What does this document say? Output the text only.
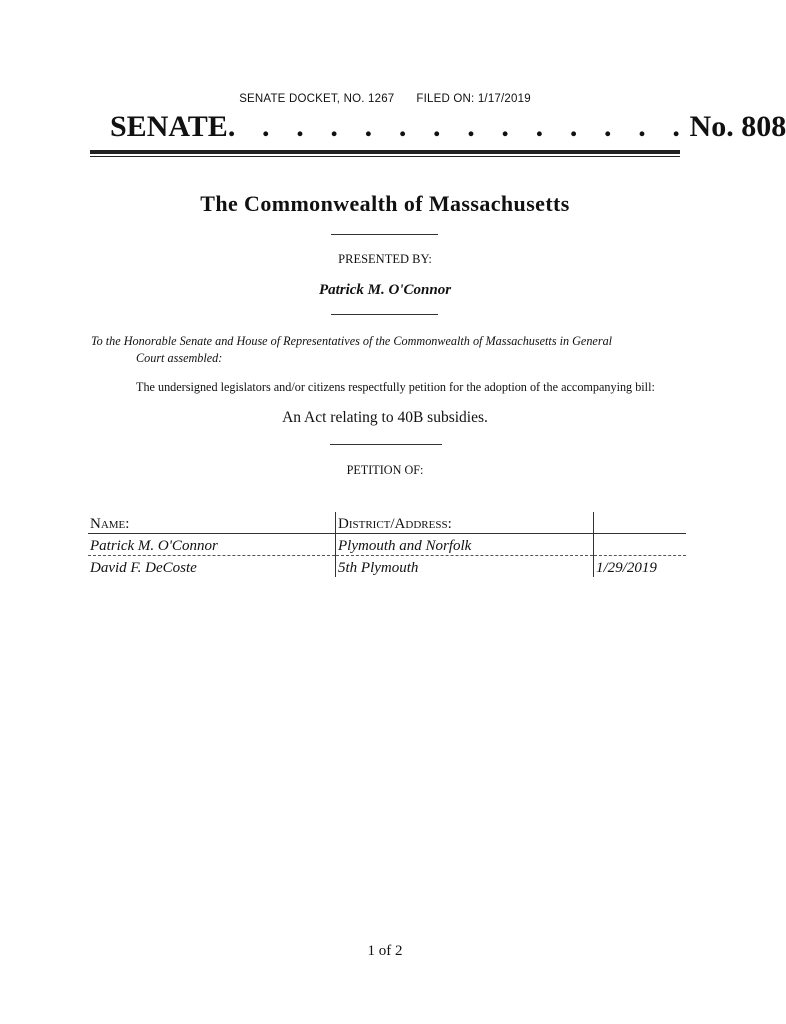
SENATE DOCKET, NO. 1267 FILED ON: 1/17/2019
SENATE . . . . . . . . . . . . . . No. 808
The Commonwealth of Massachusetts
PRESENTED BY:
Patrick M. O'Connor
To the Honorable Senate and House of Representatives of the Commonwealth of Massachusetts in General
Court assembled:
The undersigned legislators and/or citizens respectfully petition for the adoption of the accompanying bill:
An Act relating to 40B subsidies.
PETITION OF:
Name:	District/Address:	
Patrick M. O'Connor	Plymouth and Norfolk	
David F. DeCoste	5th Plymouth	1/29/2019
1 of 2
